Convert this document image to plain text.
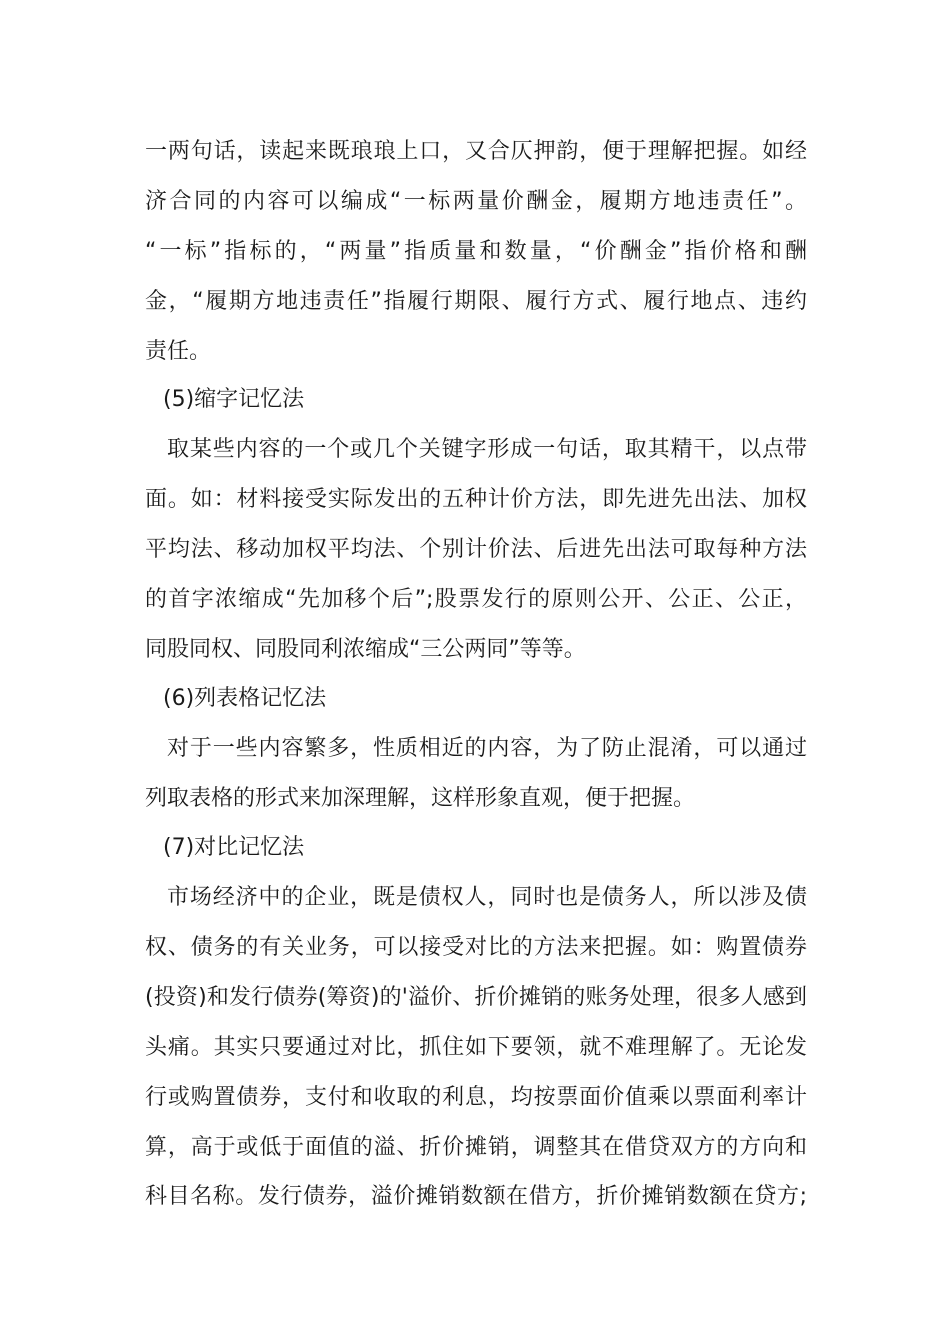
一两句话，读起来既琅琅上口，又合仄押韵，便于理解把握。如经
济合同的内容可以编成“一标两量价酬金，履期方地违责任”。
“一标”指标的，“两量”指质量和数量，“价酬金”指价格和酬
金，“履期方地违责任”指履行期限、履行方式、履行地点、违约
责任。
(5)缩字记忆法
取某些内容的一个或几个关键字形成一句话，取其精干，以点带
面。如：材料接受实际发出的五种计价方法，即先进先出法、加权
平均法、移动加权平均法、个别计价法、后进先出法可取每种方法
的首字浓缩成“先加移个后”;股票发行的原则公开、公正、公正，
同股同权、同股同利浓缩成“三公两同”等等。
(6)列表格记忆法
对于一些内容繁多，性质相近的内容，为了防止混淆，可以通过
列取表格的形式来加深理解，这样形象直观，便于把握。
(7)对比记忆法
市场经济中的企业，既是债权人，同时也是债务人，所以涉及债
权、债务的有关业务，可以接受对比的方法来把握。如：购置债券
(投资)和发行债券(筹资)的'溢价、折价摊销的账务处理，很多人感到
头痛。其实只要通过对比，抓住如下要领，就不难理解了。无论发
行或购置债券，支付和收取的利息，均按票面价值乘以票面利率计
算，高于或低于面值的溢、折价摊销，调整其在借贷双方的方向和
科目名称。发行债券，溢价摊销数额在借方，折价摊销数额在贷方;
